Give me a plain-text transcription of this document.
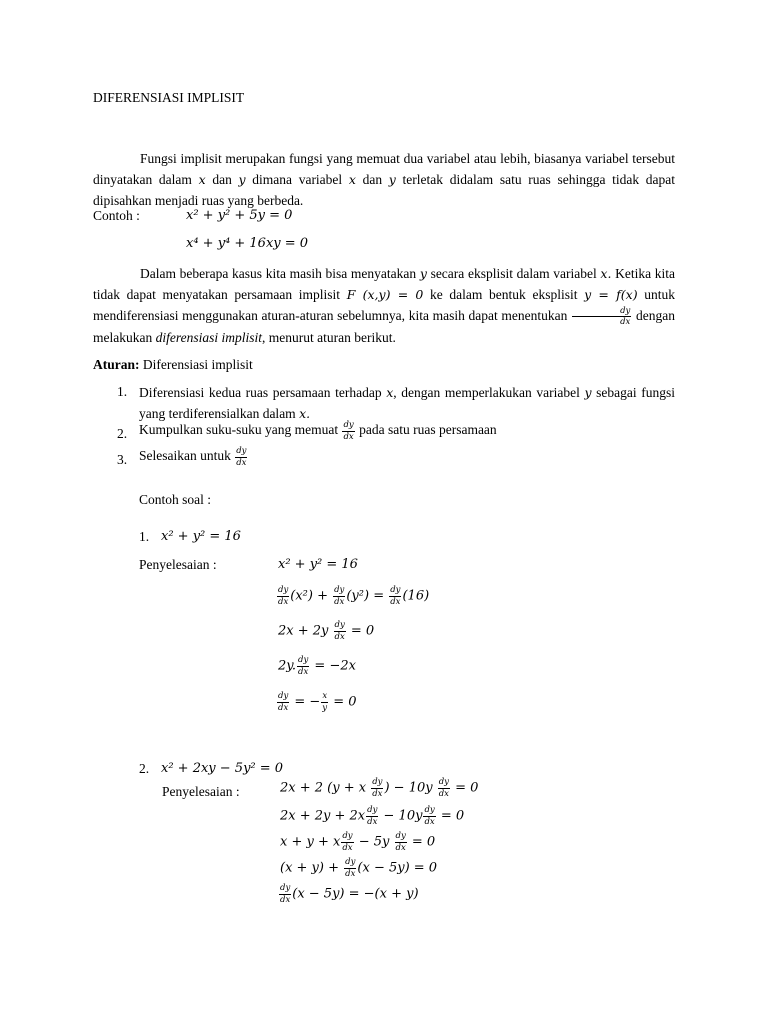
DIFERENSIASI IMPLISIT
Fungsi implisit merupakan fungsi yang memuat dua variabel atau lebih, biasanya variabel tersebut dinyatakan dalam x dan y dimana variabel x dan y terletak didalam satu ruas sehingga tidak dapat dipisahkan menjadi ruas yang berbeda.
Contoh :	x² + y² + 5y = 0
x⁴ + y⁴ + 16xy = 0
Dalam beberapa kasus kita masih bisa menyatakan y secara eksplisit dalam variabel x. Ketika kita tidak dapat menyatakan persamaan implisit F (x,y) = 0 ke dalam bentuk eksplisit y = f(x) untuk mendiferensiasi menggunakan aturan-aturan sebelumnya, kita masih dapat menentukan $\frac{dy}{dx}$ dengan melakukan diferensiasi implisit, menurut aturan berikut.
Aturan: Diferensiasi implisit
1. Diferensiasi kedua ruas persamaan terhadap x, dengan memperlakukan variabel y sebagai fungsi yang terdiferensialkan dalam x.
2. Kumpulkan suku-suku yang memuat $\frac{dy}{dx}$ pada satu ruas persamaan
3. Selesaikan untuk $\frac{dy}{dx}$
Contoh soal :
1. x² + y² = 16
Penyelesaian :	x² + y² = 16
$\frac{dy}{dx} (x^2) + \frac{dy}{dx} (y^2) = \frac{dy}{dx} (16)$
$2x + 2y \frac{dy}{dx} = 0$
2y. $\frac{dy}{dx} = -2x$
$\frac{dy}{dx}$ = − $\frac{x}{y} = 0$
2. x² + 2xy − 5y² = 0
Penyelesaian :	2x + 2 (y + x $\frac{dy}{dx}$ ) − $10y \frac{dy}{dx} = 0$
$2x + 2y + 2x \frac{dy}{dx} - 10y \frac{dy}{dx} = 0$
x + y + x $\frac{dy}{dx} - 5y \frac{dy}{dx} = 0$
$(x + y) + \frac{dy}{dx} (x - 5y) = 0$
$\frac{dy}{dx} (x - 5y) = -(x + y)$
